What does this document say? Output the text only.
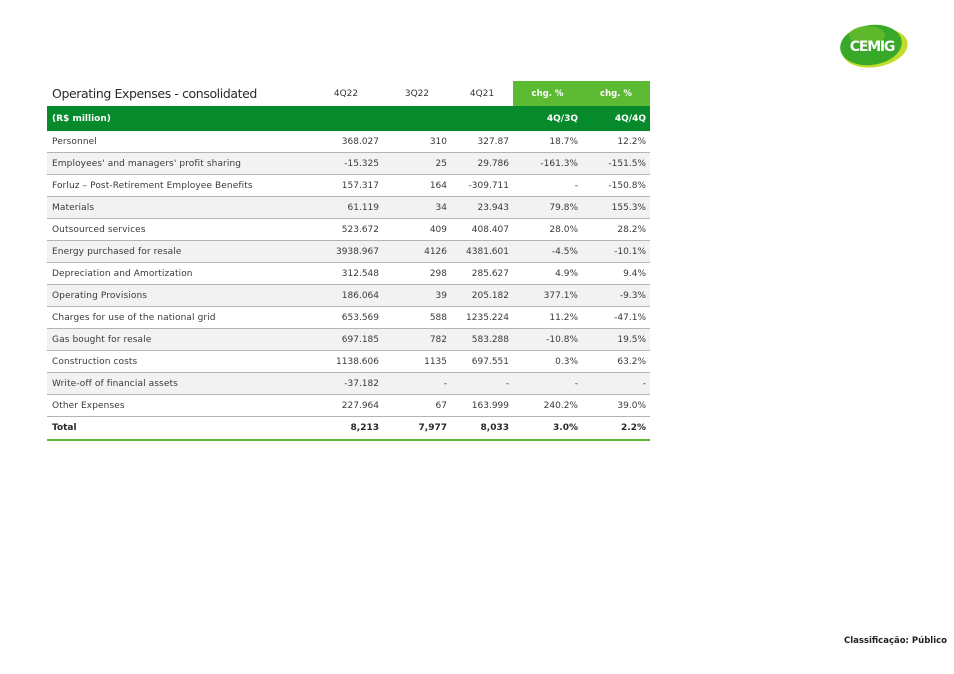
CEMIG
Operating Expenses - consolidated	4Q22	3Q22	4Q21	chg. %	chg. %
(R$ million)				4Q/3Q	4Q/4Q
Personnel	368.027	310	327.87	18.7%	12.2%
Employees' and managers' profit sharing	-15.325	25	29.786	-161.3%	-151.5%
Forluz – Post-Retirement Employee Benefits	157.317	164	-309.711	-	-150.8%
Materials	61.119	34	23.943	79.8%	155.3%
Outsourced services	523.672	409	408.407	28.0%	28.2%
Energy purchased for resale	3938.967	4126	4381.601	-4.5%	-10.1%
Depreciation and Amortization	312.548	298	285.627	4.9%	9.4%
Operating Provisions	186.064	39	205.182	377.1%	-9.3%
Charges for use of the national grid	653.569	588	1235.224	11.2%	-47.1%
Gas bought for resale	697.185	782	583.288	-10.8%	19.5%
Construction costs	1138.606	1135	697.551	0.3%	63.2%
Write-off of financial assets	-37.182	-	-	-	-
Other Expenses	227.964	67	163.999	240.2%	39.0%
Total	8,213	7,977	8,033	3.0%	2.2%
Classificação: Público
